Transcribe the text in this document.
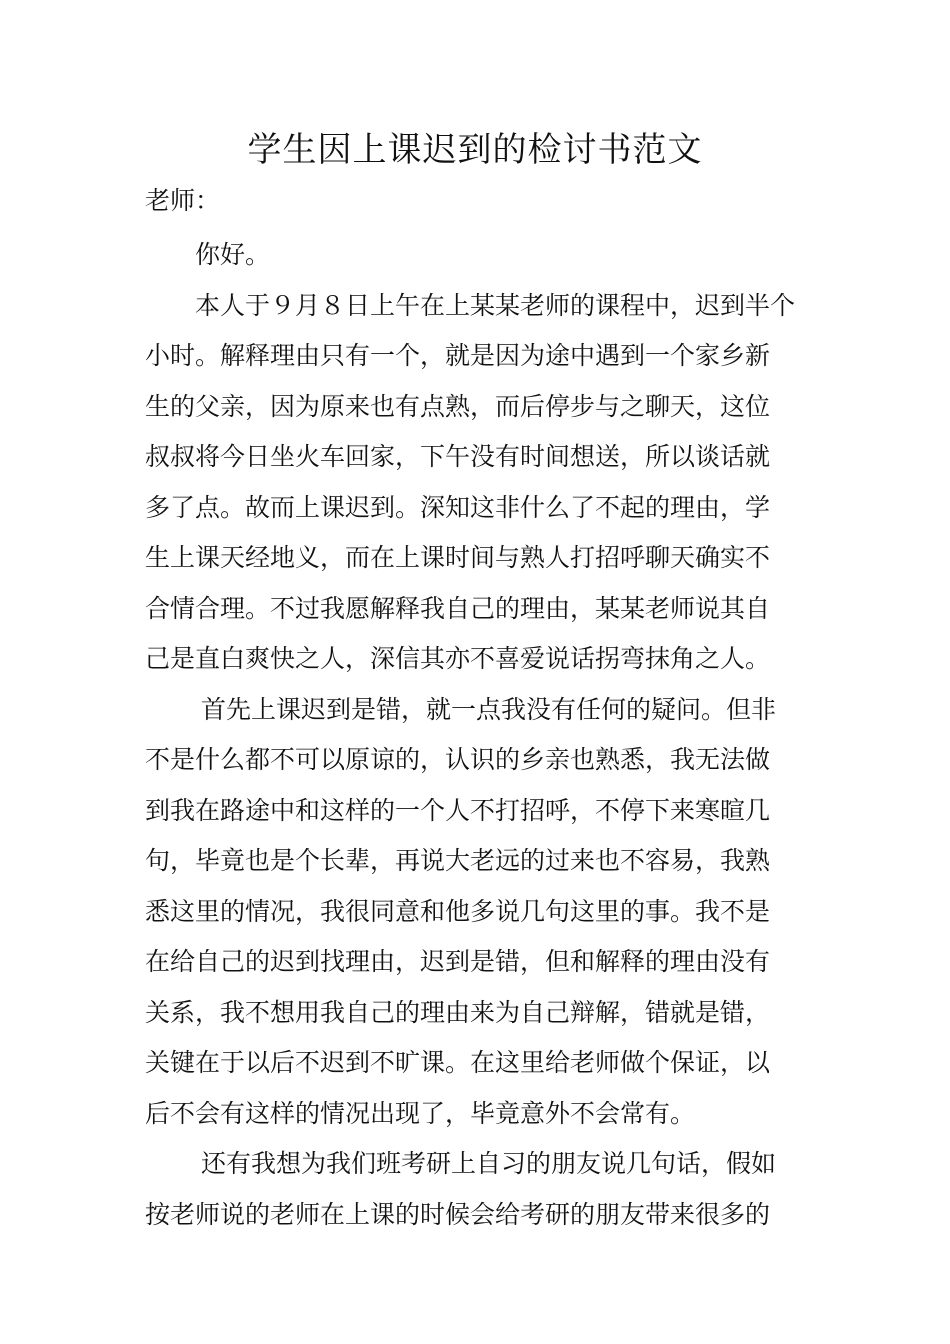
学生因上课迟到的检讨书范文
老师：

你好。

本人于９月８日上午在上某某老师的课程中，迟到半个
小时。解释理由只有一个，就是因为途中遇到一个家乡新
生的父亲，因为原来也有点熟，而后停步与之聊天，这位
叔叔将今日坐火车回家，下午没有时间想送，所以谈话就
多了点。故而上课迟到。深知这非什么了不起的理由，学
生上课天经地义，而在上课时间与熟人打招呼聊天确实不
合情合理。不过我愿解释我自己的理由，某某老师说其自
己是直白爽快之人，深信其亦不喜爱说话拐弯抹角之人。

首先上课迟到是错，就一点我没有任何的疑问。但非
不是什么都不可以原谅的，认识的乡亲也熟悉，我无法做
到我在路途中和这样的一个人不打招呼，不停下来寒暄几
句，毕竟也是个长辈，再说大老远的过来也不容易，我熟
悉这里的情况，我很同意和他多说几句这里的事。我不是
在给自己的迟到找理由，迟到是错，但和解释的理由没有
关系，我不想用我自己的理由来为自己辩解，错就是错，
关键在于以后不迟到不旷课。在这里给老师做个保证，以
后不会有这样的情况出现了，毕竟意外不会常有。

还有我想为我们班考研上自习的朋友说几句话，假如
按老师说的老师在上课的时候会给考研的朋友带来很多的
